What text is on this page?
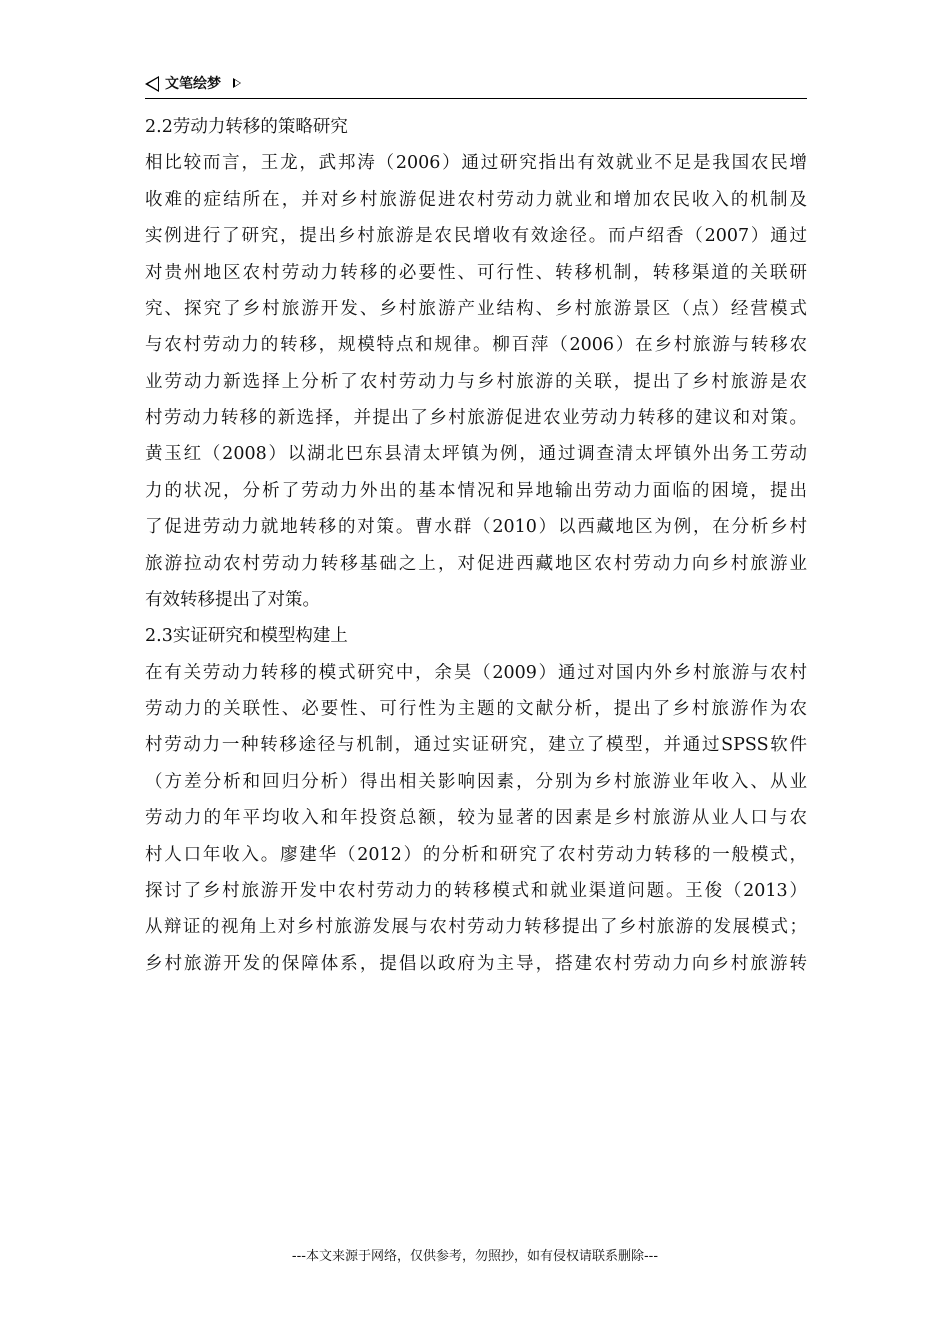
文笔绘梦
2.2劳动力转移的策略研究
相比较而言，王龙，武邦涛（2006）通过研究指出有效就业不足是我国农民增
收难的症结所在，并对乡村旅游促进农村劳动力就业和增加农民收入的机制及
实例进行了研究，提出乡村旅游是农民增收有效途径。而卢绍香（2007）通过
对贵州地区农村劳动力转移的必要性、可行性、转移机制，转移渠道的关联研
究、探究了乡村旅游开发、乡村旅游产业结构、乡村旅游景区（点）经营模式
与农村劳动力的转移，规模特点和规律。柳百萍（2006）在乡村旅游与转移农
业劳动力新选择上分析了农村劳动力与乡村旅游的关联，提出了乡村旅游是农
村劳动力转移的新选择，并提出了乡村旅游促进农业劳动力转移的建议和对策。
黄玉红（2008）以湖北巴东县清太坪镇为例，通过调查清太坪镇外出务工劳动
力的状况，分析了劳动力外出的基本情况和异地输出劳动力面临的困境，提出
了促进劳动力就地转移的对策。曹水群（2010）以西藏地区为例，在分析乡村
旅游拉动农村劳动力转移基础之上，对促进西藏地区农村劳动力向乡村旅游业
有效转移提出了对策。
2.3实证研究和模型构建上
在有关劳动力转移的模式研究中，余昊（2009）通过对国内外乡村旅游与农村
劳动力的关联性、必要性、可行性为主题的文献分析，提出了乡村旅游作为农
村劳动力一种转移途径与机制，通过实证研究，建立了模型，并通过SPSS软件
（方差分析和回归分析）得出相关影响因素，分别为乡村旅游业年收入、从业
劳动力的年平均收入和年投资总额，较为显著的因素是乡村旅游从业人口与农
村人口年收入。廖建华（2012）的分析和研究了农村劳动力转移的一般模式，
探讨了乡村旅游开发中农村劳动力的转移模式和就业渠道问题。王俊（2013）
从辩证的视角上对乡村旅游发展与农村劳动力转移提出了乡村旅游的发展模式；
乡村旅游开发的保障体系，提倡以政府为主导，搭建农村劳动力向乡村旅游转
---本文来源于网络，仅供参考，勿照抄，如有侵权请联系删除---
